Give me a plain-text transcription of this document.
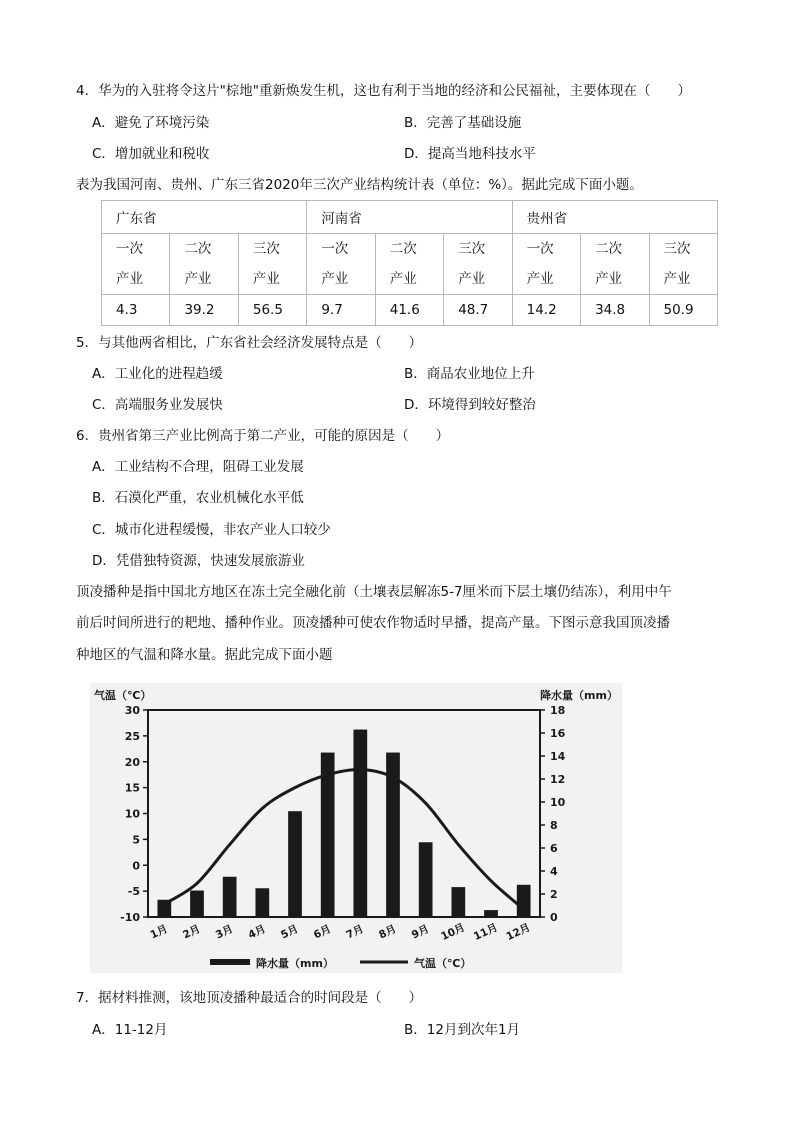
4．华为的入驻将令这片"棕地"重新焕发生机，这也有利于当地的经济和公民福祉，主要体现在（　　）
A．避免了环境污染	B．完善了基础设施
C．增加就业和税收	D．提高当地科技水平
表为我国河南、贵州、广东三省2020年三次产业结构统计表（单位：%）。据此完成下面小题。
广东省			河南省			贵州省		

一次产业	二次产业	三次产业	一次产业	二次产业	三次产业	一次产业	二次产业	三次产业

4.3	39.2	56.5	9.7	41.6	48.7	14.2	34.8	50.9
5．与其他两省相比，广东省社会经济发展特点是（　　）
A．工业化的进程趋缓	B．商品农业地位上升
C．高端服务业发展快	D．环境得到较好整治
6．贵州省第三产业比例高于第二产业，可能的原因是（　　）
A．工业结构不合理，阻碍工业发展
B．石漠化严重，农业机械化水平低
C．城市化进程缓慢，非农产业人口较少
D．凭借独特资源，快速发展旅游业
顶凌播种是指中国北方地区在冻土完全融化前（土壤表层解冻5-7厘米而下层土壤仍结冻），利用中午
前后时间所进行的耙地、播种作业。顶凌播种可使农作物适时早播，提高产量。下图示意我国顶凌播
种地区的气温和降水量。据此完成下面小题
气温（℃）	降水量（mm）
30
25
20
15
10
5
0
-5
-10
18
16
14
12
10
8
6
4
2
0
1月 2月 3月 4月 5月 6月 7月 8月 9月 10月 11月 12月
降水量（mm）	气温（℃）
7．据材料推测，该地顶凌播种最适合的时间段是（　　）
A．11-12月	B．12月到次年1月
